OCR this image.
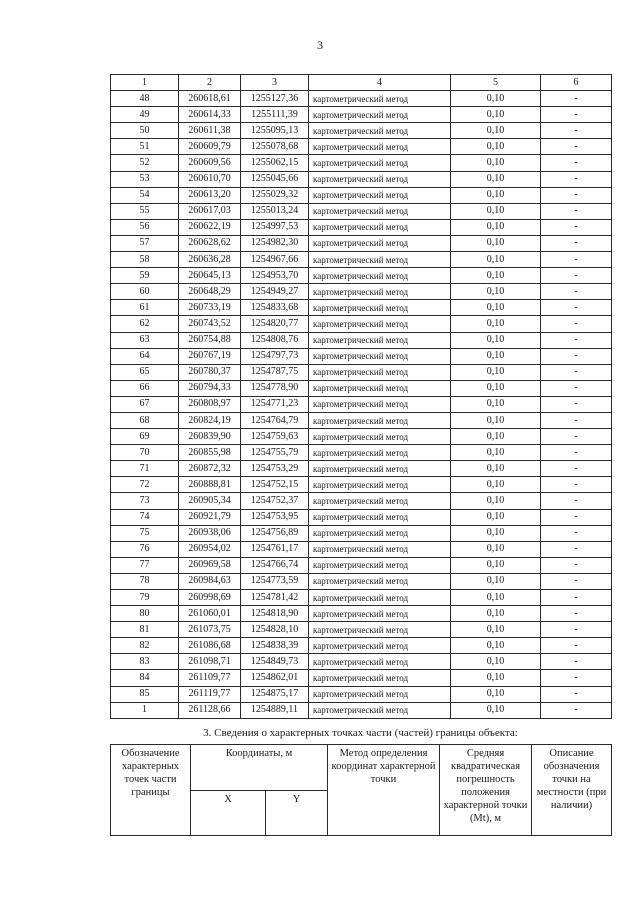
3
1	2	3	4	5	6
48	260618,61	1255127,36	картометрический метод	0,10	-
49	260614,33	1255111,39	картометрический метод	0,10	-
50	260611,38	1255095,13	картометрический метод	0,10	-
51	260609,79	1255078,68	картометрический метод	0,10	-
52	260609,56	1255062,15	картометрический метод	0,10	-
53	260610,70	1255045,66	картометрический метод	0,10	-
54	260613,20	1255029,32	картометрический метод	0,10	-
55	260617,03	1255013,24	картометрический метод	0,10	-
56	260622,19	1254997,53	картометрический метод	0,10	-
57	260628,62	1254982,30	картометрический метод	0,10	-
58	260636,28	1254967,66	картометрический метод	0,10	-
59	260645,13	1254953,70	картометрический метод	0,10	-
60	260648,29	1254949,27	картометрический метод	0,10	-
61	260733,19	1254833,68	картометрический метод	0,10	-
62	260743,52	1254820,77	картометрический метод	0,10	-
63	260754,88	1254808,76	картометрический метод	0,10	-
64	260767,19	1254797,73	картометрический метод	0,10	-
65	260780,37	1254787,75	картометрический метод	0,10	-
66	260794,33	1254778,90	картометрический метод	0,10	-
67	260808,97	1254771,23	картометрический метод	0,10	-
68	260824,19	1254764,79	картометрический метод	0,10	-
69	260839,90	1254759,63	картометрический метод	0,10	-
70	260855,98	1254755,79	картометрический метод	0,10	-
71	260872,32	1254753,29	картометрический метод	0,10	-
72	260888,81	1254752,15	картометрический метод	0,10	-
73	260905,34	1254752,37	картометрический метод	0,10	-
74	260921,79	1254753,95	картометрический метод	0,10	-
75	260938,06	1254756,89	картометрический метод	0,10	-
76	260954,02	1254761,17	картометрический метод	0,10	-
77	260969,58	1254766,74	картометрический метод	0,10	-
78	260984,63	1254773,59	картометрический метод	0,10	-
79	260998,69	1254781,42	картометрический метод	0,10	-
80	261060,01	1254818,90	картометрический метод	0,10	-
81	261073,75	1254828,10	картометрический метод	0,10	-
82	261086,68	1254838,39	картометрический метод	0,10	-
83	261098,71	1254849,73	картометрический метод	0,10	-
84	261109,77	1254862,01	картометрический метод	0,10	-
85	261119,77	1254875,17	картометрический метод	0,10	-
1	261128,66	1254889,11	картометрический метод	0,10	-
3. Сведения о характерных точках части (частей) границы объекта:
Обозначение характерных точек части границы	Координаты, м		Метод определения координат характерной точки	Средняя квадратическая погрешность положения характерной точки (Mt), м	Описание обозначения точки на местности (при наличии)
	X	Y			
